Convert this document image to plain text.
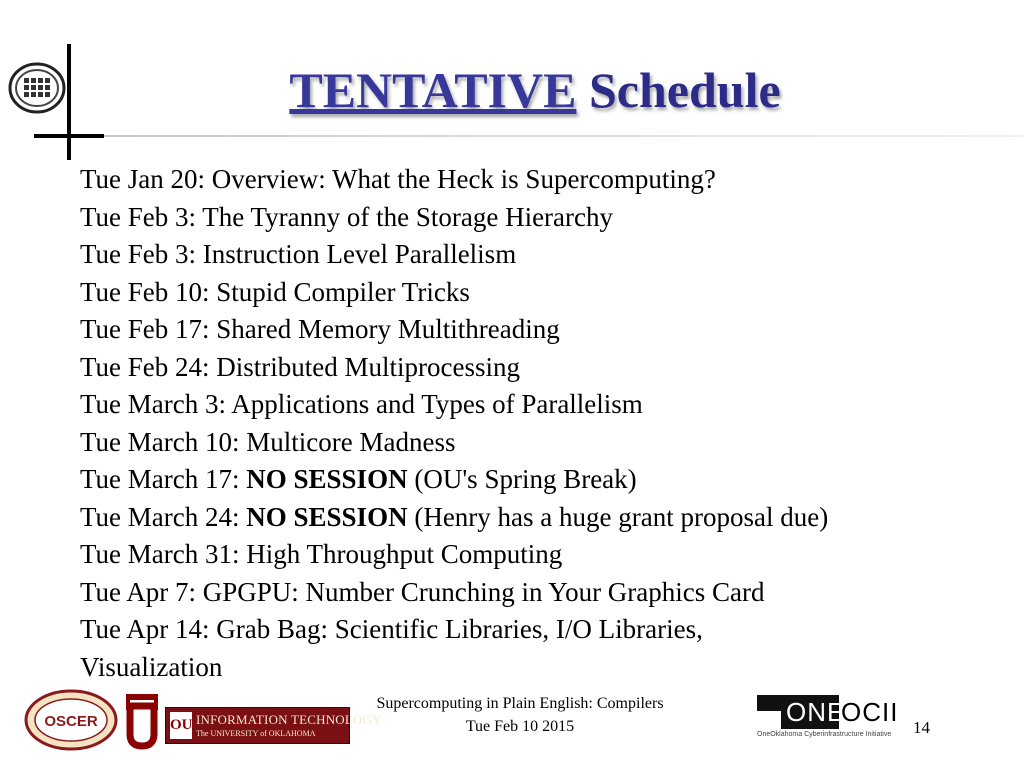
TENTATIVE Schedule
Tue Jan 20: Overview: What the Heck is Supercomputing?
Tue Feb 3: The Tyranny of the Storage Hierarchy
Tue Feb 3: Instruction Level Parallelism
Tue Feb 10: Stupid Compiler Tricks
Tue Feb 17: Shared Memory Multithreading
Tue Feb 24: Distributed Multiprocessing
Tue March 3: Applications and Types of Parallelism
Tue March 10: Multicore Madness
Tue March 17: NO SESSION (OU's Spring Break)
Tue March 24: NO SESSION (Henry has a huge grant proposal due)
Tue March 31: High Throughput Computing
Tue Apr 7: GPGPU: Number Crunching in Your Graphics Card
Tue Apr 14: Grab Bag: Scientific Libraries, I/O Libraries, Visualization
OSCER	OU INFORMATION TECHNOLOGY
The UNIVERSITY of OKLAHOMA
Supercomputing in Plain English: Compilers
Tue Feb 10 2015	ONE
OCII
OneOklahoma Cyberinfrastructure Initiative	14
